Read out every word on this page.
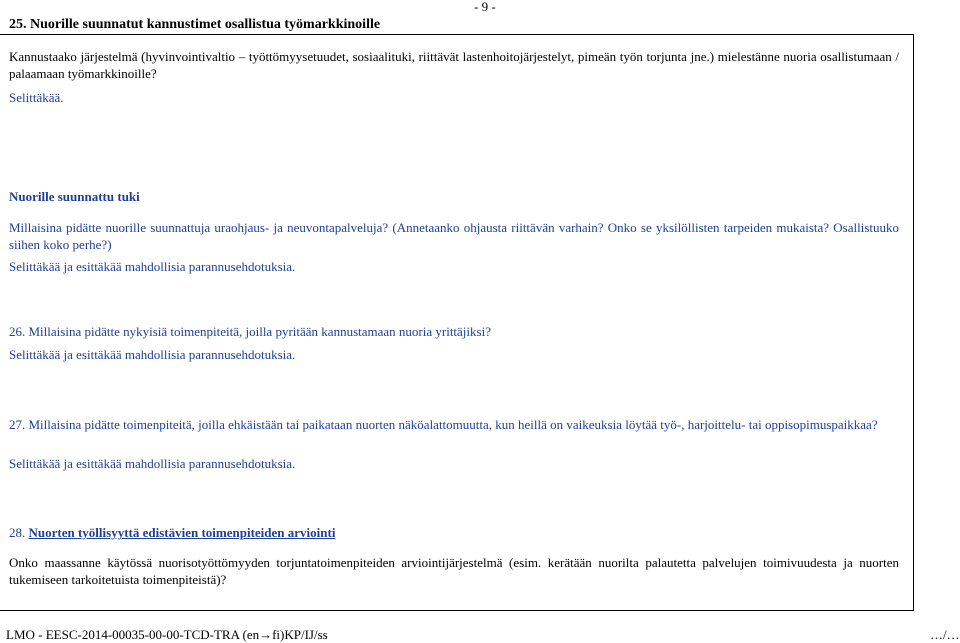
- 9 -
25. Nuorille suunnatut kannustimet osallistua työmarkkinoille
Kannustaako järjestelmä (hyvinvointivaltio – työttömyysetuudet, sosiaalituki, riittävät lastenhoitojärjestelyt, pimeän työn torjunta jne.) mielestänne nuoria osallistumaan / palaamaan työmarkkinoille?
Selittäkää.
Nuorille suunnattu tuki
Millaisina pidätte nuorille suunnattuja uraohjaus- ja neuvontapalveluja? (Annetaanko ohjausta riittävän varhain? Onko se yksilöllisten tarpeiden mukaista? Osallistuuko siihen koko perhe?)
Selittäkää ja esittäkää mahdollisia parannusehdotuksia.
26. Millaisina pidätte nykyisiä toimenpiteitä, joilla pyritään kannustamaan nuoria yrittäjiksi?
Selittäkää ja esittäkää mahdollisia parannusehdotuksia.
27. Millaisina pidätte toimenpiteitä, joilla ehkäistään tai paikataan nuorten näköalattomuutta, kun heillä on vaikeuksia löytää työ-, harjoittelu- tai oppisopimuspaikkaa?
Selittäkää ja esittäkää mahdollisia parannusehdotuksia.
28. Nuorten työllisyyttä edistävien toimenpiteiden arviointi
Onko maassanne käytössä nuorisotyöttömyyden torjuntatoimenpiteiden arviointijärjestelmä (esim. kerätään nuorilta palautetta palvelujen toimivuudesta ja nuorten tukemiseen tarkoitetuista toimenpiteistä)?
LMO - EESC-2014-00035-00-00-TCD-TRA (en→fi)KP/IJ/ss	…/…
